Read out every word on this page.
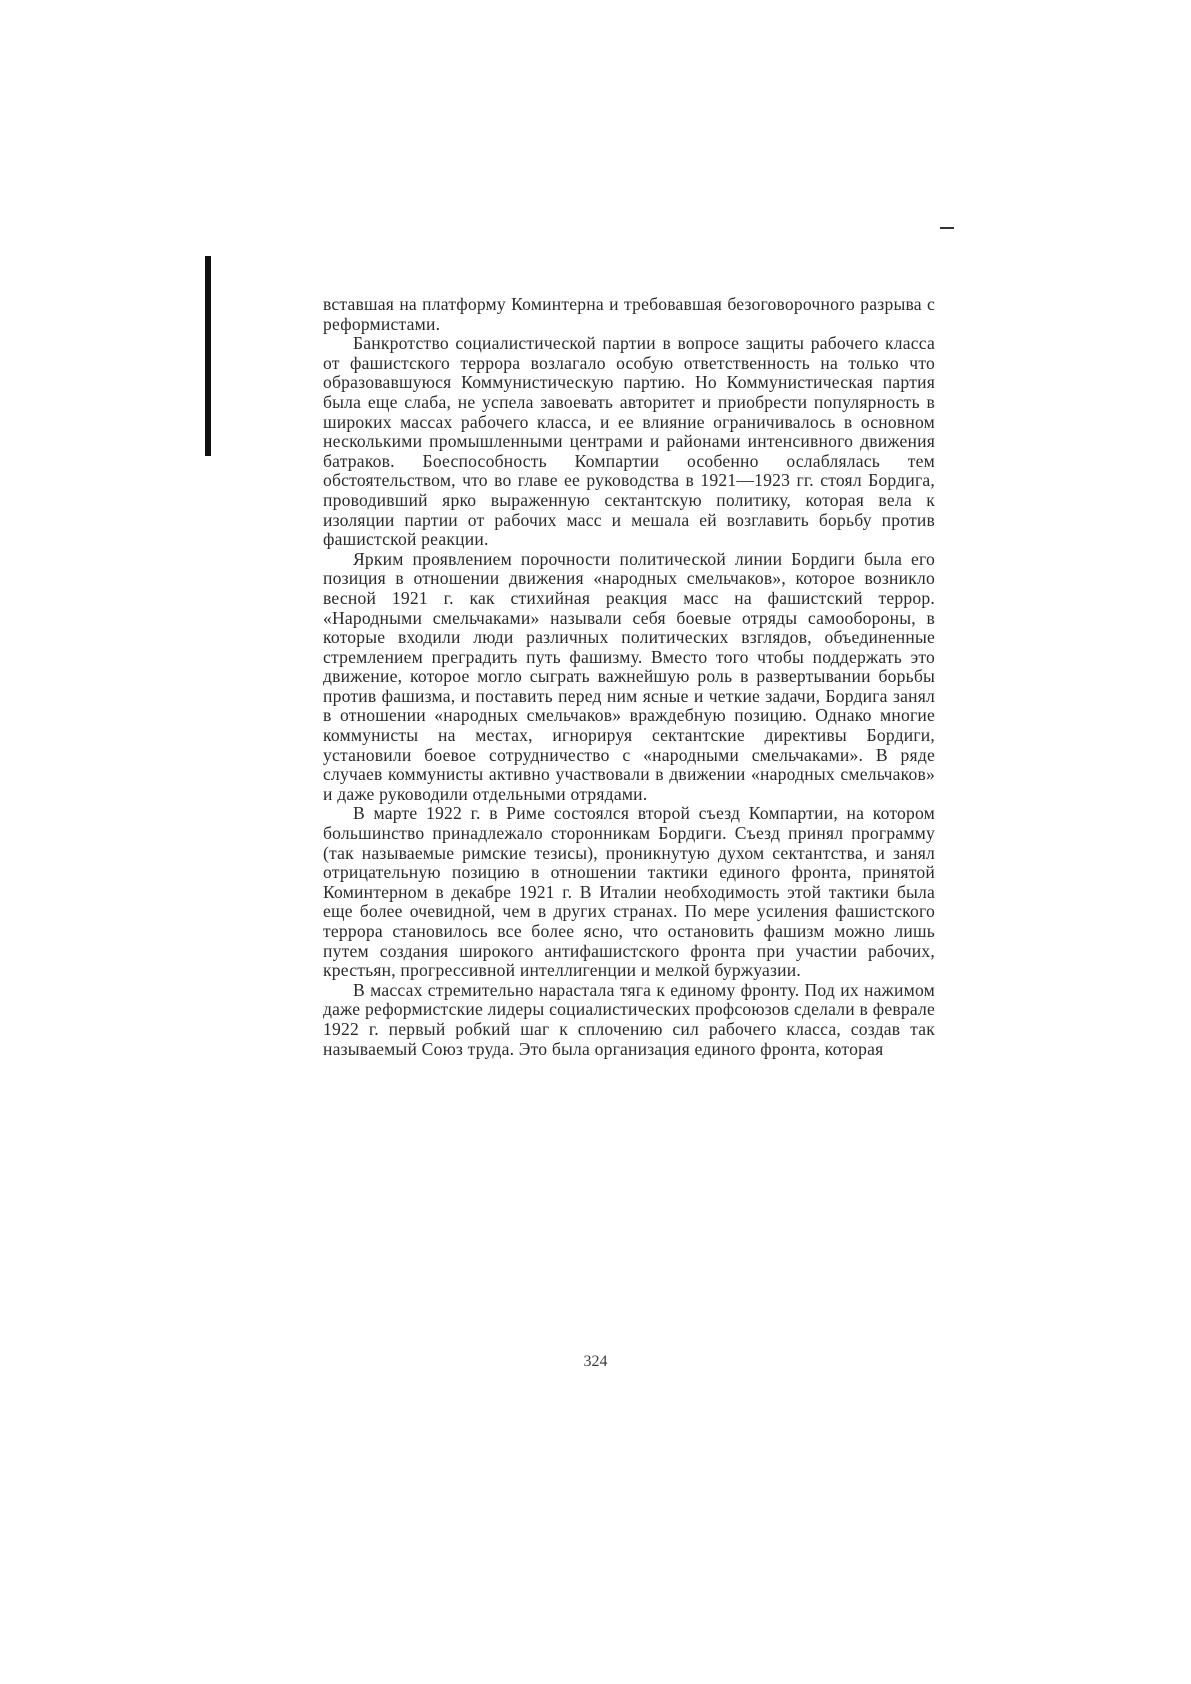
вставшая на платформу Коминтерна и требовавшая безоговорочного разрыва с реформистами.

Банкротство социалистической партии в вопросе защиты рабочего класса от фашистского террора возлагало особую ответственность на только что образовавшуюся Коммунистическую партию. Но Коммунистическая партия была еще слаба, не успела завоевать авторитет и приобрести популярность в широких массах рабочего класса, и ее влияние ограничивалось в основном несколькими промышленными центрами и районами интенсивного движения батраков. Боеспособность Компартии особенно ослаблялась тем обстоятельством, что во главе ее руководства в 1921—1923 гг. стоял Бордига, проводивший ярко выраженную сектантскую политику, которая вела к изоляции партии от рабочих масс и мешала ей возглавить борьбу против фашистской реакции.

Ярким проявлением порочности политической линии Бордиги была его позиция в отношении движения «народных смельчаков», которое возникло весной 1921 г. как стихийная реакция масс на фашистский террор. «Народными смельчаками» называли себя боевые отряды самообороны, в которые входили люди различных политических взглядов, объединенные стремлением преградить путь фашизму. Вместо того чтобы поддержать это движение, которое могло сыграть важнейшую роль в развертывании борьбы против фашизма, и поставить перед ним ясные и четкие задачи, Бордига занял в отношении «народных смельчаков» враждебную позицию. Однако многие коммунисты на местах, игнорируя сектантские директивы Бордиги, установили боевое сотрудничество с «народными смельчаками». В ряде случаев коммунисты активно участвовали в движении «народных смельчаков» и даже руководили отдельными отрядами.

В марте 1922 г. в Риме состоялся второй съезд Компартии, на котором большинство принадлежало сторонникам Бордиги. Съезд принял программу (так называемые римские тезисы), проникнутую духом сектантства, и занял отрицательную позицию в отношении тактики единого фронта, принятой Коминтерном в декабре 1921 г. В Италии необходимость этой тактики была еще более очевидной, чем в других странах. По мере усиления фашистского террора становилось все более ясно, что остановить фашизм можно лишь путем создания широкого антифашистского фронта при участии рабочих, крестьян, прогрессивной интеллигенции и мелкой буржуазии.

В массах стремительно нарастала тяга к единому фронту. Под их нажимом даже реформистские лидеры социалистических профсоюзов сделали в феврале 1922 г. первый робкий шаг к сплочению сил рабочего класса, создав так называемый Союз труда. Это была организация единого фронта, которая

324
